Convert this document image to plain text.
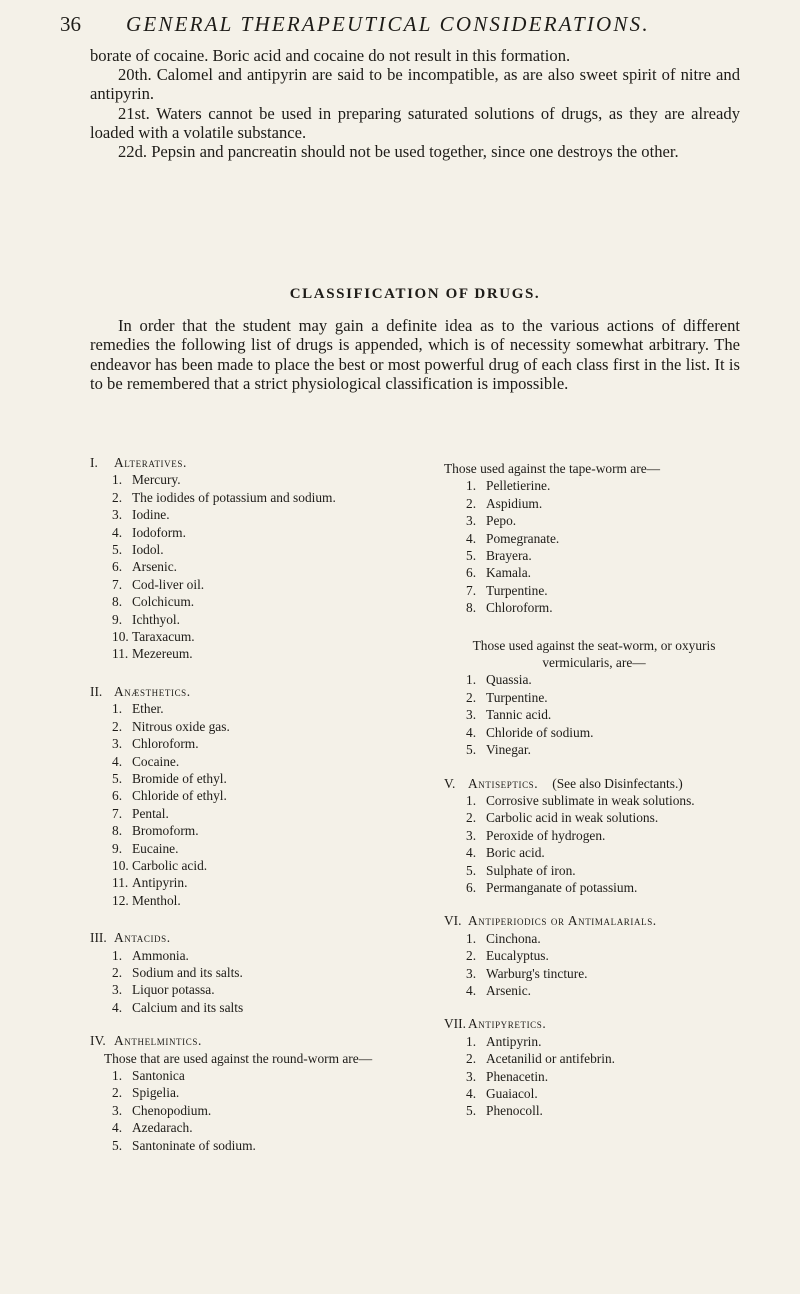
36 GENERAL THERAPEUTICAL CONSIDERATIONS.

borate of cocaine. Boric acid and cocaine do not result in this formation.

20th. Calomel and antipyrin are said to be incompatible, as are also sweet spirit of nitre and antipyrin.

21st. Waters cannot be used in preparing saturated solutions of drugs, as they are already loaded with a volatile substance.

22d. Pepsin and pancreatin should not be used together, since one destroys the other.

CLASSIFICATION OF DRUGS.

In order that the student may gain a definite idea as to the various actions of different remedies the following list of drugs is appended, which is of necessity somewhat arbitrary. The endeavor has been made to place the best or most powerful drug of each class first in the list. It is to be remembered that a strict physiological classification is impossible.

I. Alteratives.

1. Mercury.
2. The iodides of potassium and sodium.
3. Iodine.
4. Iodoform.
5. Iodol.
6. Arsenic.
7. Cod-liver oil.
8. Colchicum.
9. Ichthyol.
10. Taraxacum.
11. Mezereum.

II. Anæsthetics.

1. Ether.
2. Nitrous oxide gas.
3. Chloroform.
4. Cocaine.
5. Bromide of ethyl.
6. Chloride of ethyl.
7. Pental.
8. Bromoform.
9. Eucaine.
10. Carbolic acid.
11. Antipyrin.
12. Menthol.

III. Antacids.

1. Ammonia.
2. Sodium and its salts.
3. Liquor potassa.
4. Calcium and its salts

IV. Anthelmintics.

Those that are used against the round-worm are—

1. Santonica
2. Spigelia.
3. Chenopodium.
4. Azedarach.
5. Santoninate of sodium.

Those used against the tape-worm are—

1. Pelletierine.
2. Aspidium.
3. Pepo.
4. Pomegranate.
5. Brayera.
6. Kamala.
7. Turpentine.
8. Chloroform.

Those used against the seat-worm, or oxyuris vermicularis, are—

1. Quassia.
2. Turpentine.
3. Tannic acid.
4. Chloride of sodium.
5. Vinegar.

V. Antiseptics. (See also Disinfectants.)

1. Corrosive sublimate in weak solutions.
2. Carbolic acid in weak solutions.
3. Peroxide of hydrogen.
4. Boric acid.
5. Sulphate of iron.
6. Permanganate of potassium.

VI. Antiperiodics or Antimalarials.

1. Cinchona.
2. Eucalyptus.
3. Warburg's tincture.
4. Arsenic.

VII. Antipyretics.

1. Antipyrin.
2. Acetanilid or antifebrin.
3. Phenacetin.
4. Guaiacol.
5. Phenocoll.
